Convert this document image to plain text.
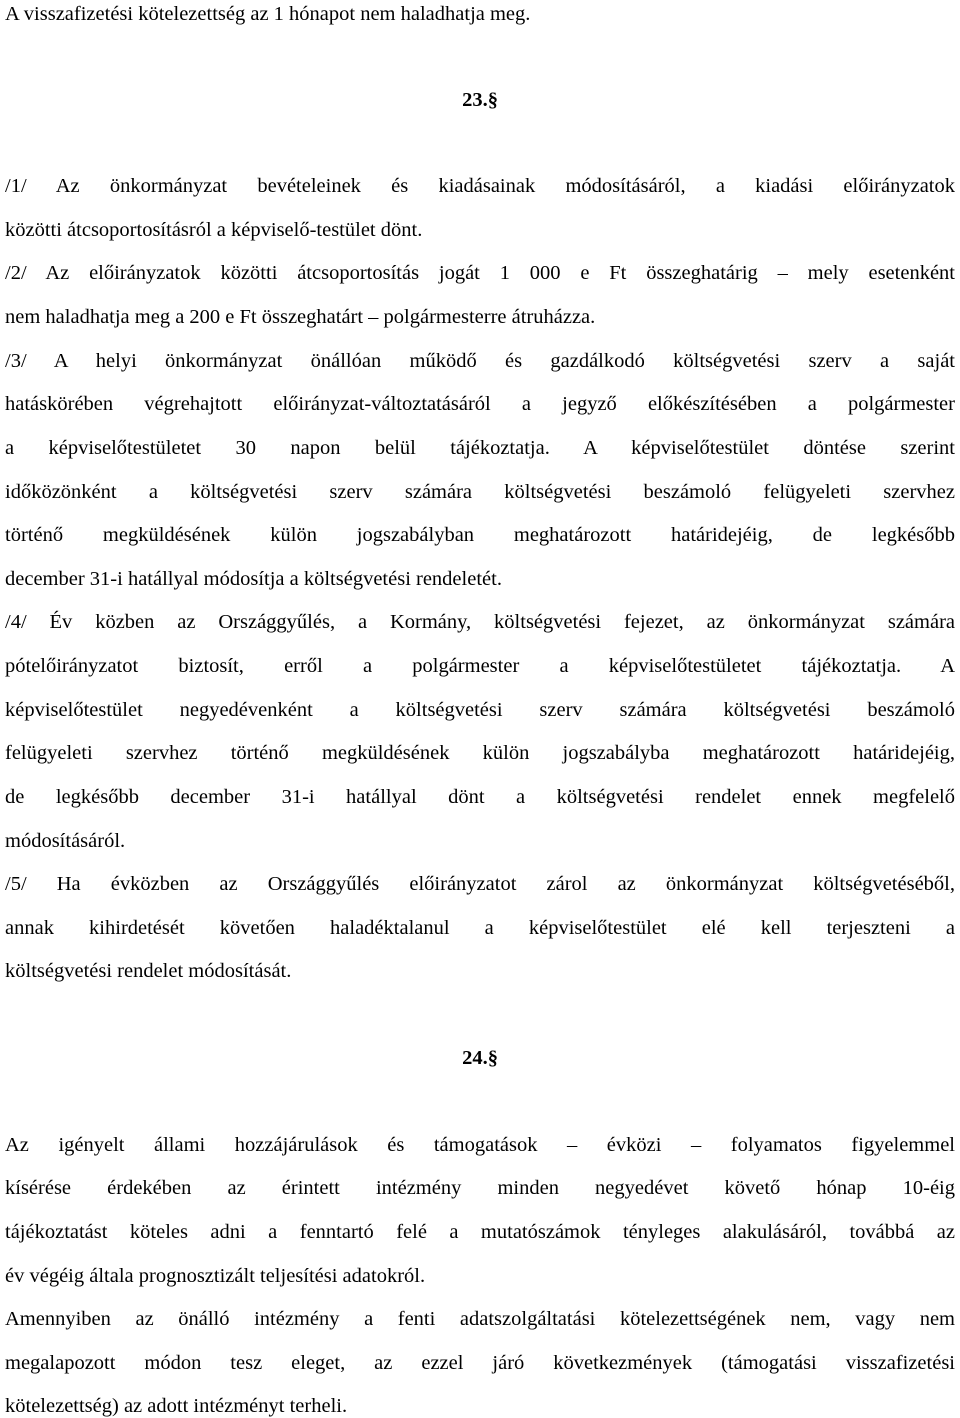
A visszafizetési kötelezettség az 1 hónapot nem haladhatja meg.
23.§
/1/ Az önkormányzat bevételeinek és kiadásainak módosításáról, a kiadási előirányzatok
közötti átcsoportosításról a képviselő-testület dönt.
/2/ Az előirányzatok közötti átcsoportosítás jogát 1 000 e Ft összeghatárig – mely esetenként
nem haladhatja meg a 200 e Ft összeghatárt – polgármesterre átruházza.
/3/ A helyi önkormányzat önállóan működő és gazdálkodó költségvetési szerv a saját
hatáskörében végrehajtott előirányzat-változtatásáról a jegyző előkészítésében a polgármester
a képviselőtestületet 30 napon belül tájékoztatja. A képviselőtestület döntése szerint
időközönként a költségvetési szerv számára költségvetési beszámoló felügyeleti szervhez
történő megküldésének külön jogszabályban meghatározott határidejéig, de legkésőbb
december 31-i hatállyal módosítja a költségvetési rendeletét.
/4/ Év közben az Országgyűlés, a Kormány, költségvetési fejezet, az önkormányzat számára
pótelőirányzatot biztosít, erről a polgármester a képviselőtestületet tájékoztatja. A
képviselőtestület negyedévenként a költségvetési szerv számára költségvetési beszámoló
felügyeleti szervhez történő megküldésének külön jogszabályba meghatározott határidejéig,
de legkésőbb december 31-i hatállyal dönt a költségvetési rendelet ennek megfelelő
módosításáról.
/5/ Ha évközben az Országgyűlés előirányzatot zárol az önkormányzat költségvetéséből,
annak kihirdetését követően haladéktalanul a képviselőtestület elé kell terjeszteni a
költségvetési rendelet módosítását.
24.§
Az igényelt állami hozzájárulások és támogatások – évközi – folyamatos figyelemmel
kísérése érdekében az érintett intézmény minden negyedévet követő hónap 10-éig
tájékoztatást köteles adni a fenntartó felé a mutatószámok tényleges alakulásáról, továbbá az
év végéig általa prognosztizált teljesítési adatokról.
Amennyiben az önálló intézmény a fenti adatszolgáltatási kötelezettségének nem, vagy nem
megalapozott módon tesz eleget, az ezzel járó következmények (támogatási visszafizetési
kötelezettség) az adott intézményt terheli.
